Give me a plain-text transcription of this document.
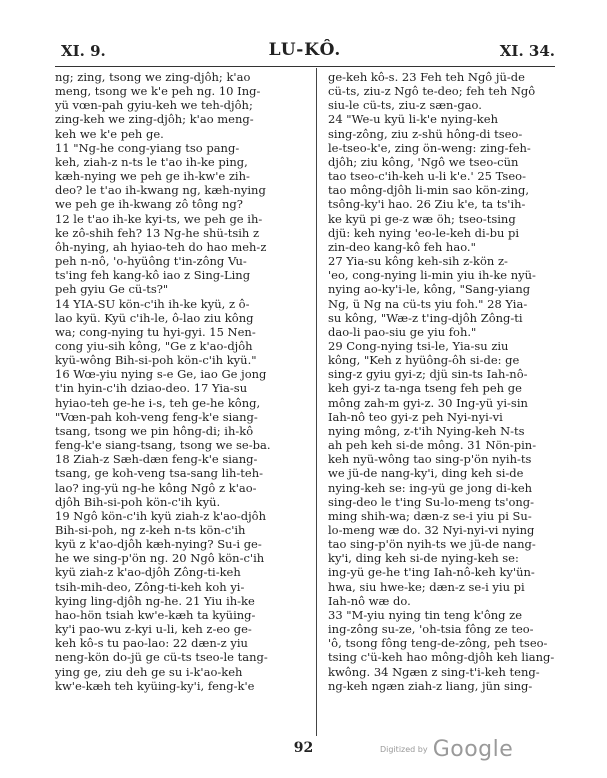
XI. 9.	LU-KÔ.	XI. 34.
ng; zing, tsong we zing-djôh; k'ao
meng, tsong we k'e peh ng. 10 Ing-
yü vœn-pah gyiu-keh we teh-djôh;
zing-keh we zing-djôh; k'ao meng-
keh we k'e peh ge.
11 "Ng-he cong-yiang tso pang-
keh, ziah-z n-ts le t'ao ih-ke ping,
kæh-nying we peh ge ih-kw'e zih-
deo? le t'ao ih-kwang ng, kæh-nying
we peh ge ih-kwang zô tông ng?
12 le t'ao ih-ke kyi-ts, we peh ge ih-
ke zô-shih feh? 13 Ng-he shü-tsih z
ôh-nying, ah hyiao-teh do hao meh-z
peh n-nô, 'o-hyüông t'in-zông Vu-
ts'ing feh kang-kô iao z Sing-Ling
peh gyiu Ge cü-ts?"
14 YIA-SU kön-c'ih ih-ke kyü, z ô-
lao kyü. Kyü c'ih-le, ô-lao ziu kông
wa; cong-nying tu hyi-gyi. 15 Nen-
cong yiu-sih kông, "Ge z k'ao-djôh
kyü-wông Bih-si-poh kön-c'ih kyü."
16 Wœ-yiu nying s-e Ge, iao Ge jong
t'in hyin-c'ih dziao-deo. 17 Yia-su
hyiao-teh ge-he i-s, teh ge-he kông,
"Vœn-pah koh-veng feng-k'e siang-
tsang, tsong we pin hông-di; ih-kô
feng-k'e siang-tsang, tsong we se-ba.
18 Ziah-z Sæh-dæn feng-k'e siang-
tsang, ge koh-veng tsa-sang lih-teh-
lao? ing-yü ng-he kông Ngô z k'ao-
djôh Bih-si-poh kön-c'ih kyü.
19 Ngô kön-c'ih kyü ziah-z k'ao-djôh
Bih-si-poh, ng z-keh n-ts kön-c'ih
kyü z k'ao-djôh kæh-nying? Su-i ge-
he we sing-p'ön ng. 20 Ngô kön-c'ih
kyü ziah-z k'ao-djôh Zông-ti-keh
tsih-mih-deo, Zông-ti-keh koh yi-
kying ling-djôh ng-he. 21 Yiu ih-ke
hao-hön tsiah kw'e-kæh ta kyüing-
ky'i pao-wu z-kyi u-li, keh z-eo ge-
keh kô-s tu pao-lao: 22 dæn-z yiu
neng-kön do-jü ge cü-ts tseo-le tang-
ying ge, ziu deh ge su i-k'ao-keh
kw'e-kæh teh kyüing-ky'i, feng-k'e
ge-keh kô-s. 23 Feh teh Ngô jü-de
cü-ts, ziu-z Ngô te-deo; feh teh Ngô
siu-le cü-ts, ziu-z sæn-gao.
24 "We-u kyü li-k'e nying-keh
sing-zông, ziu z-shü hông-di tseo-
le-tseo-k'e, zing ön-weng: zing-feh-
djôh; ziu kông, 'Ngô we tseo-cün
tao tseo-c'ih-keh u-li k'e.' 25 Tseo-
tao mông-djôh li-min sao kön-zing,
tsông-ky'i hao. 26 Ziu k'e, ta ts'ih-
ke kyü pi ge-z wæ öh; tseo-tsing
djü: keh nying 'eo-le-keh di-bu pi
zin-deo kang-kô feh hao."
27 Yia-su kông keh-sih z-kön z-
'eo, cong-nying li-min yiu ih-ke nyü-
nying ao-ky'i-le, kông, "Sang-yiang
Ng, ü Ng na cü-ts yiu foh." 28 Yia-
su kông, "Wæ-z t'ing-djôh Zông-ti
dao-li pao-siu ge yiu foh."
29 Cong-nying tsi-le, Yia-su ziu
kông, "Keh z hyüông-ôh si-de: ge
sing-z gyiu gyi-z; djü sin-ts Iah-nô-
keh gyi-z ta-nga tseng feh peh ge
mông zah-m gyi-z. 30 Ing-yü yi-sin
Iah-nô teo gyi-z peh Nyi-nyi-vi
nying mông, z-t'ih Nying-keh N-ts
ah peh keh si-de mông. 31 Nön-pin-
keh nyü-wông tao sing-p'ön nyih-ts
we jü-de nang-ky'i, ding keh si-de
nying-keh se: ing-yü ge jong di-keh
sing-deo le t'ing Su-lo-meng ts'ong-
ming shih-wa; dæn-z se-i yiu pi Su-
lo-meng wæ do. 32 Nyi-nyi-vi nying
tao sing-p'ön nyih-ts we jü-de nang-
ky'i, ding keh si-de nying-keh se:
ing-yü ge-he t'ing Iah-nô-keh ky'ün-
hwa, siu hwe-ke; dæn-z se-i yiu pi
Iah-nô wæ do.
33 "M-yiu nying tin teng k'ông ze
ing-zông su-ze, 'oh-tsia fông ze teo-
'ô, tsong fông teng-de-zông, peh tseo-
tsing c'ü-keh hao mông-djôh keh liang-
kwông. 34 Ngæn z sing-t'i-keh teng-
ng-keh ngæn ziah-z liang, jün sing-
92	Digitized by Google
